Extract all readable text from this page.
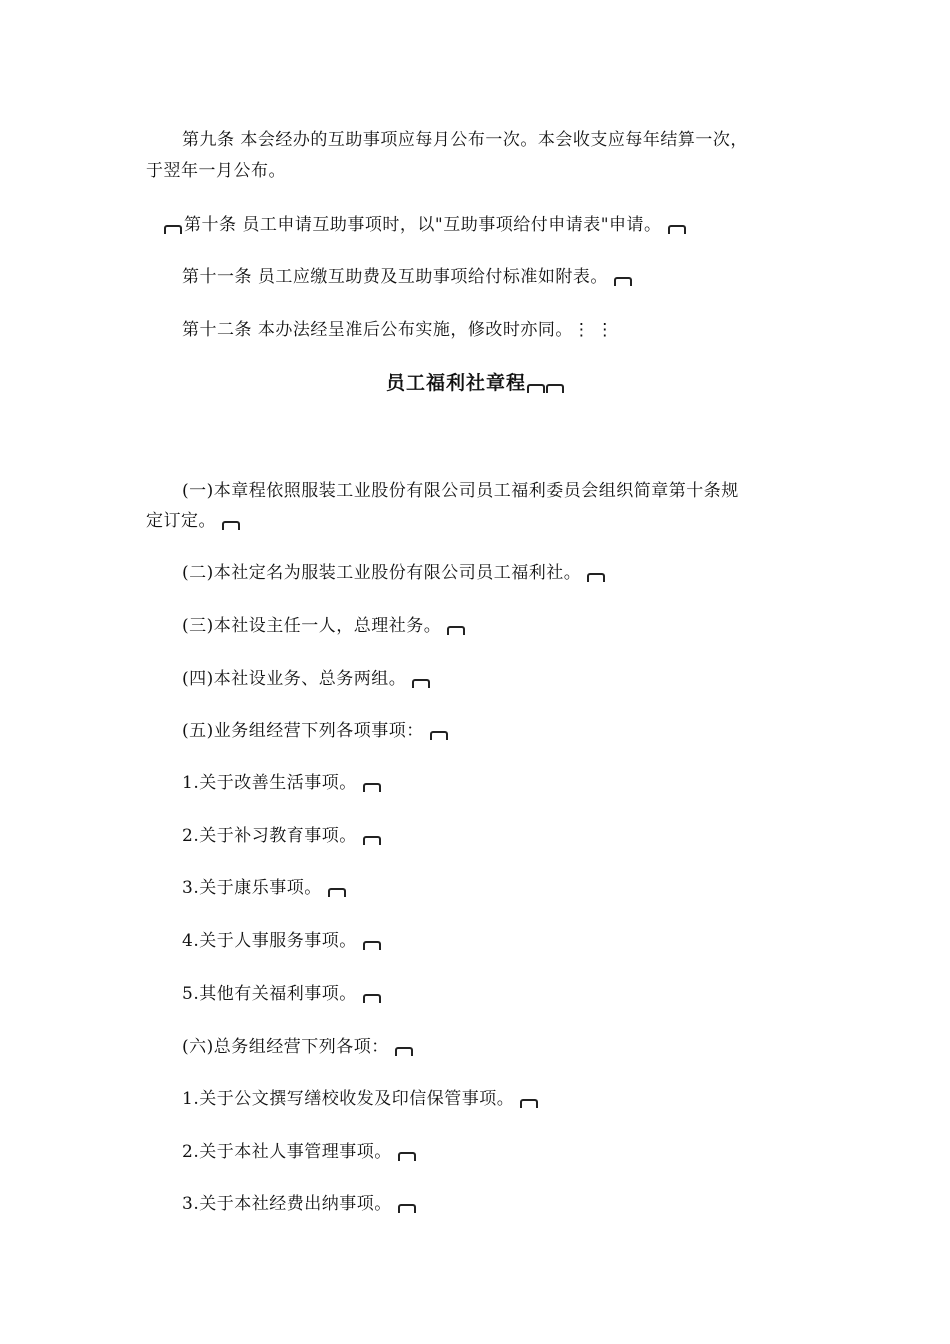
第九条 本会经办的互助事项应每月公布一次。本会收支应每年结算一次，
于翌年一月公布。
第十条 员工申请互助事项时，以"互助事项给付申请表"申请。
第十一条 员工应缴互助费及互助事项给付标准如附表。
第十二条 本办法经呈准后公布实施，修改时亦同。⋮ ⋮
员工福利社章程
(一)本章程依照服装工业股份有限公司员工福利委员会组织简章第十条规
定订定。
(二)本社定名为服装工业股份有限公司员工福利社。
(三)本社设主任一人，总理社务。
(四)本社设业务、总务两组。
(五)业务组经营下列各项事项：
1.关于改善生活事项。
2.关于补习教育事项。
3.关于康乐事项。
4.关于人事服务事项。
5.其他有关福利事项。
(六)总务组经营下列各项：
1.关于公文撰写缮校收发及印信保管事项。
2.关于本社人事管理事项。
3.关于本社经费出纳事项。
